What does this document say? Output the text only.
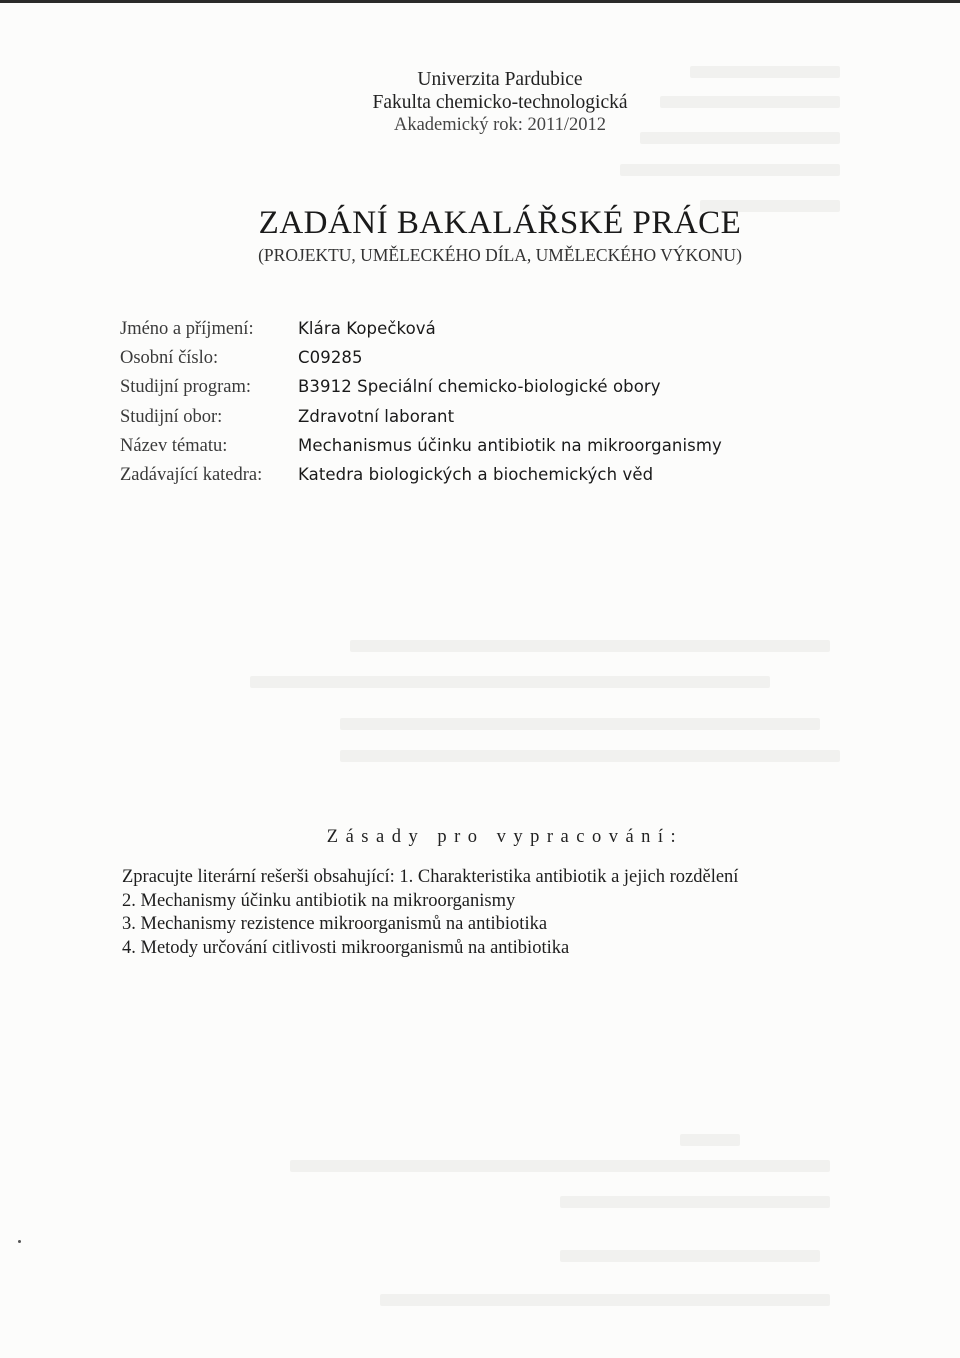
Univerzita Pardubice
Fakulta chemicko-technologická
Akademický rok: 2011/2012
ZADÁNÍ BAKALÁŘSKÉ PRÁCE
(PROJEKTU, UMĚLECKÉHO DÍLA, UMĚLECKÉHO VÝKONU)
Jméno a příjmení:	Klára Kopečková
Osobní číslo:	C09285
Studijní program:	B3912 Speciální chemicko-biologické obory
Studijní obor:	Zdravotní laborant
Název tématu:	Mechanismus účinku antibiotik na mikroorganismy
Zadávající katedra: Katedra biologických a biochemických věd
Zásady pro vypracování:
Zpracujte literární rešerši obsahující: 1. Charakteristika antibiotik a jejich rozdělení
2. Mechanismy účinku antibiotik na mikroorganismy
3. Mechanismy rezistence mikroorganismů na antibiotika
4. Metody určování citlivosti mikroorganismů na antibiotika
